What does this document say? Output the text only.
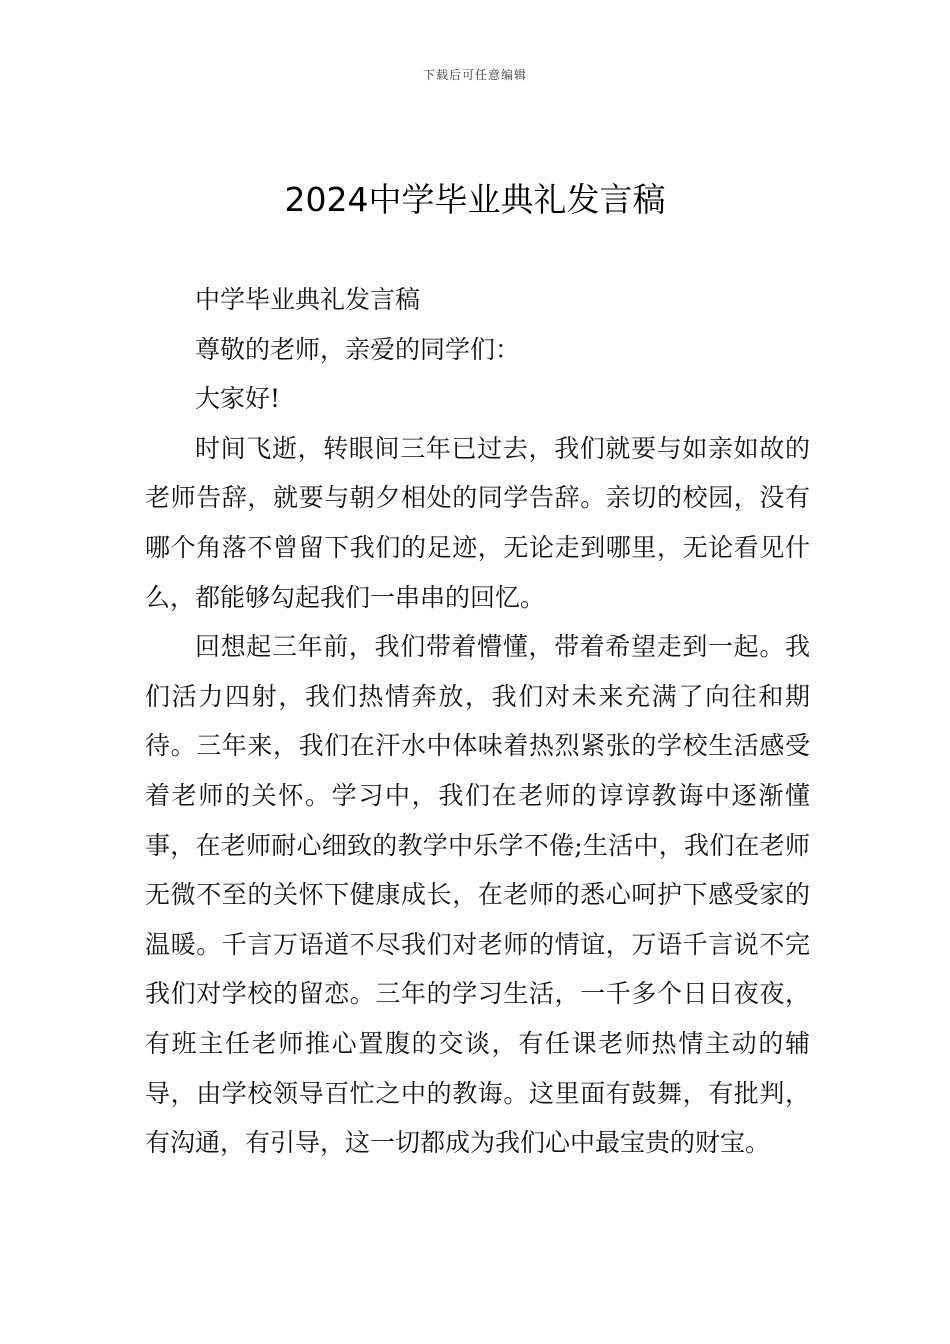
下载后可任意编辑
2024中学毕业典礼发言稿

中学毕业典礼发言稿

尊敬的老师，亲爱的同学们：

大家好!

时间飞逝，转眼间三年已过去，我们就要与如亲如故的老师告辞，就要与朝夕相处的同学告辞。亲切的校园，没有哪个角落不曾留下我们的足迹，无论走到哪里，无论看见什么，都能够勾起我们一串串的回忆。

回想起三年前，我们带着懵懂，带着希望走到一起。我们活力四射，我们热情奔放，我们对未来充满了向往和期待。三年来，我们在汗水中体味着热烈紧张的学校生活感受着老师的关怀。学习中，我们在老师的谆谆教诲中逐渐懂事，在老师耐心细致的教学中乐学不倦;生活中，我们在老师无微不至的关怀下健康成长，在老师的悉心呵护下感受家的温暖。千言万语道不尽我们对老师的情谊，万语千言说不完我们对学校的留恋。三年的学习生活，一千多个日日夜夜，有班主任老师推心置腹的交谈，有任课老师热情主动的辅导，由学校领导百忙之中的教诲。这里面有鼓舞，有批判，有沟通，有引导，这一切都成为我们心中最宝贵的财宝。
